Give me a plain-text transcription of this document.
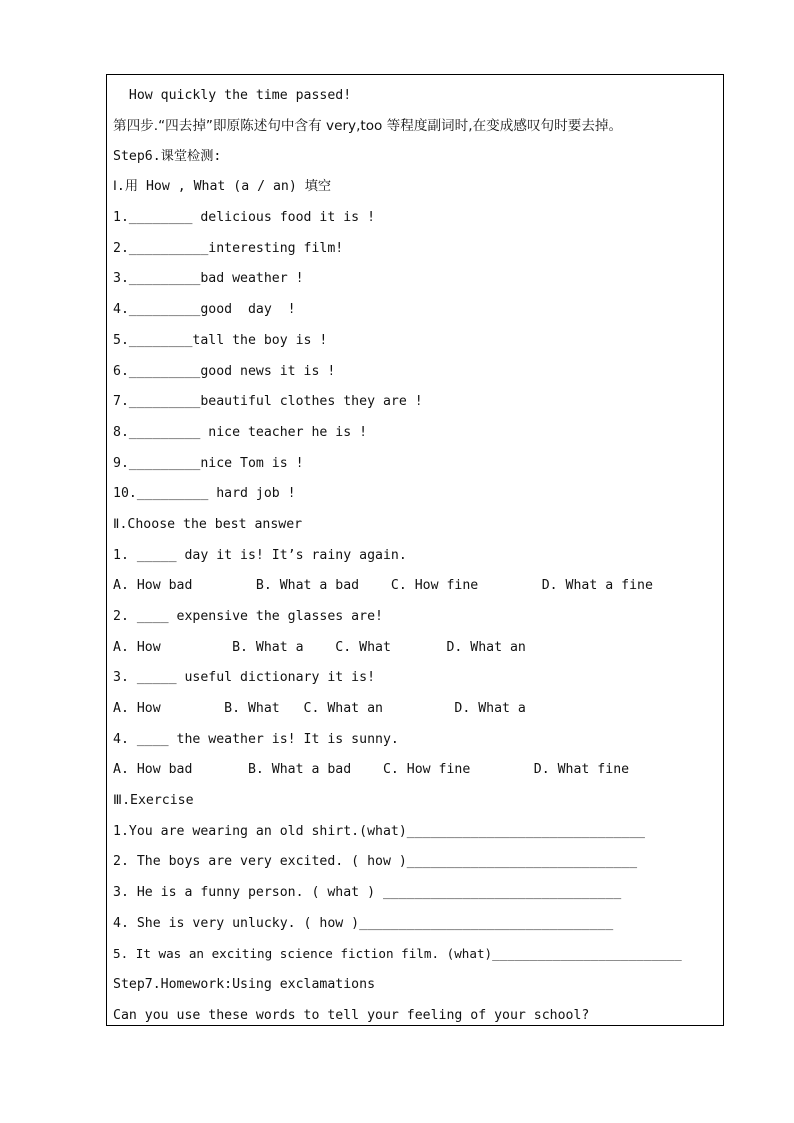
How quickly the time passed!
第四步.“四去掉”即原陈述句中含有 very,too 等程度副词时,在变成感叹句时要去掉。
Step6.课堂检测:
Ⅰ.用 How , What (a / an) 填空
1.________ delicious food it is !
2.__________interesting film!
3._________bad weather !
4._________good  day  !
5.________tall the boy is !
6._________good news it is !
7._________beautiful clothes they are !
8._________ nice teacher he is !
9._________nice Tom is !
10._________ hard job !
Ⅱ.Choose the best answer
1. _____ day it is! It’s rainy again.
A. How bad        B. What a bad    C. How fine        D. What a fine
2. ____ expensive the glasses are!
A. How         B. What a    C. What       D. What an
3. _____ useful dictionary it is!
A. How        B. What   C. What an         D. What a
4. ____ the weather is! It is sunny.
A. How bad       B. What a bad    C. How fine        D. What fine
Ⅲ.Exercise
1.You are wearing an old shirt.(what)______________________________
2. The boys are very excited. ( how )_____________________________
3. He is a funny person. ( what ) ______________________________
4. She is very unlucky. ( how )________________________________
5. It was an exciting science fiction film. (what)_________________________
Step7.Homework:Using exclamations
Can you use these words to tell your feeling of your school?
